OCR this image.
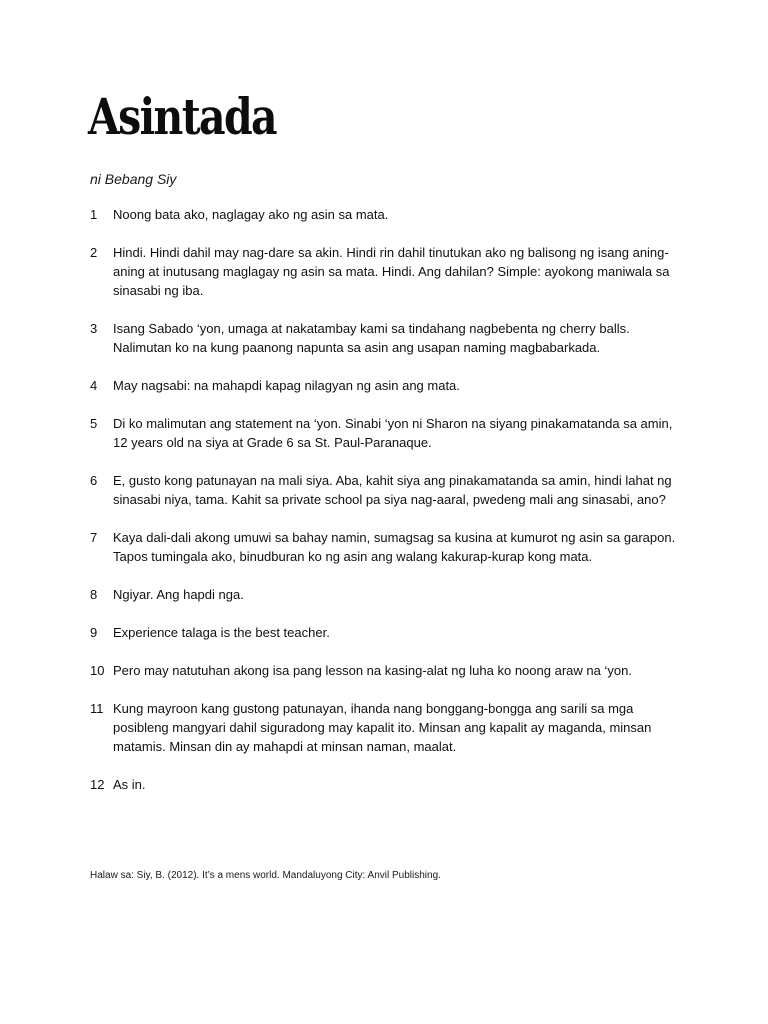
Asintada
ni Bebang Siy
1	Noong bata ako, naglagay ako ng asin sa mata.
2	Hindi. Hindi dahil may nag-dare sa akin. Hindi rin dahil tinutukan ako ng balisong ng isang aning-aning at inutusang maglagay ng asin sa mata. Hindi. Ang dahilan? Simple: ayokong maniwala sa sinasabi ng iba.
3	Isang Sabado ‘yon, umaga at nakatambay kami sa tindahang nagbebenta ng cherry balls. Nalimutan ko na kung paanong napunta sa asin ang usapan naming magbabarkada.
4	May nagsabi: na mahapdi kapag nilagyan ng asin ang mata.
5	Di ko malimutan ang statement na ‘yon. Sinabi ‘yon ni Sharon na siyang pinakamatanda sa amin, 12 years old na siya at Grade 6 sa St. Paul-Paranaque.
6	E, gusto kong patunayan na mali siya. Aba, kahit siya ang pinakamatanda sa amin, hindi lahat ng sinasabi niya, tama. Kahit sa private school pa siya nag-aaral, pwedeng mali ang sinasabi, ano?
7	Kaya dali-dali akong umuwi sa bahay namin, sumagsag sa kusina at kumurot ng asin sa garapon. Tapos tumingala ako, binudburan ko ng asin ang walang kakurap-kurap kong mata.
8	Ngiyar. Ang hapdi nga.
9	Experience talaga is the best teacher.
10 Pero may natutuhan akong isa pang lesson na kasing-alat ng luha ko noong araw na ‘yon.
11 Kung mayroon kang gustong patunayan, ihanda nang bonggang-bongga ang sarili sa mga posibleng mangyari dahil siguradong may kapalit ito. Minsan ang kapalit ay maganda, minsan matamis. Minsan din ay mahapdi at minsan naman, maalat.
12 As in.
Halaw sa: Siy, B. (2012). It’s a mens world. Mandaluyong City: Anvil Publishing.
